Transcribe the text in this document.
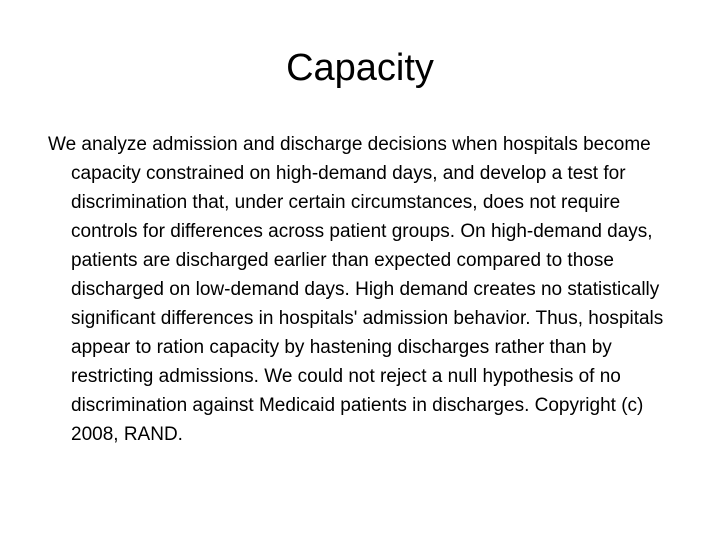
Capacity

We analyze admission and discharge decisions when hospitals become capacity constrained on high-demand days, and develop a test for discrimination that, under certain circumstances, does not require controls for differences across patient groups. On high-demand days, patients are discharged earlier than expected compared to those discharged on low-demand days. High demand creates no statistically significant differences in hospitals' admission behavior. Thus, hospitals appear to ration capacity by hastening discharges rather than by restricting admissions. We could not reject a null hypothesis of no discrimination against Medicaid patients in discharges. Copyright (c) 2008, RAND.
